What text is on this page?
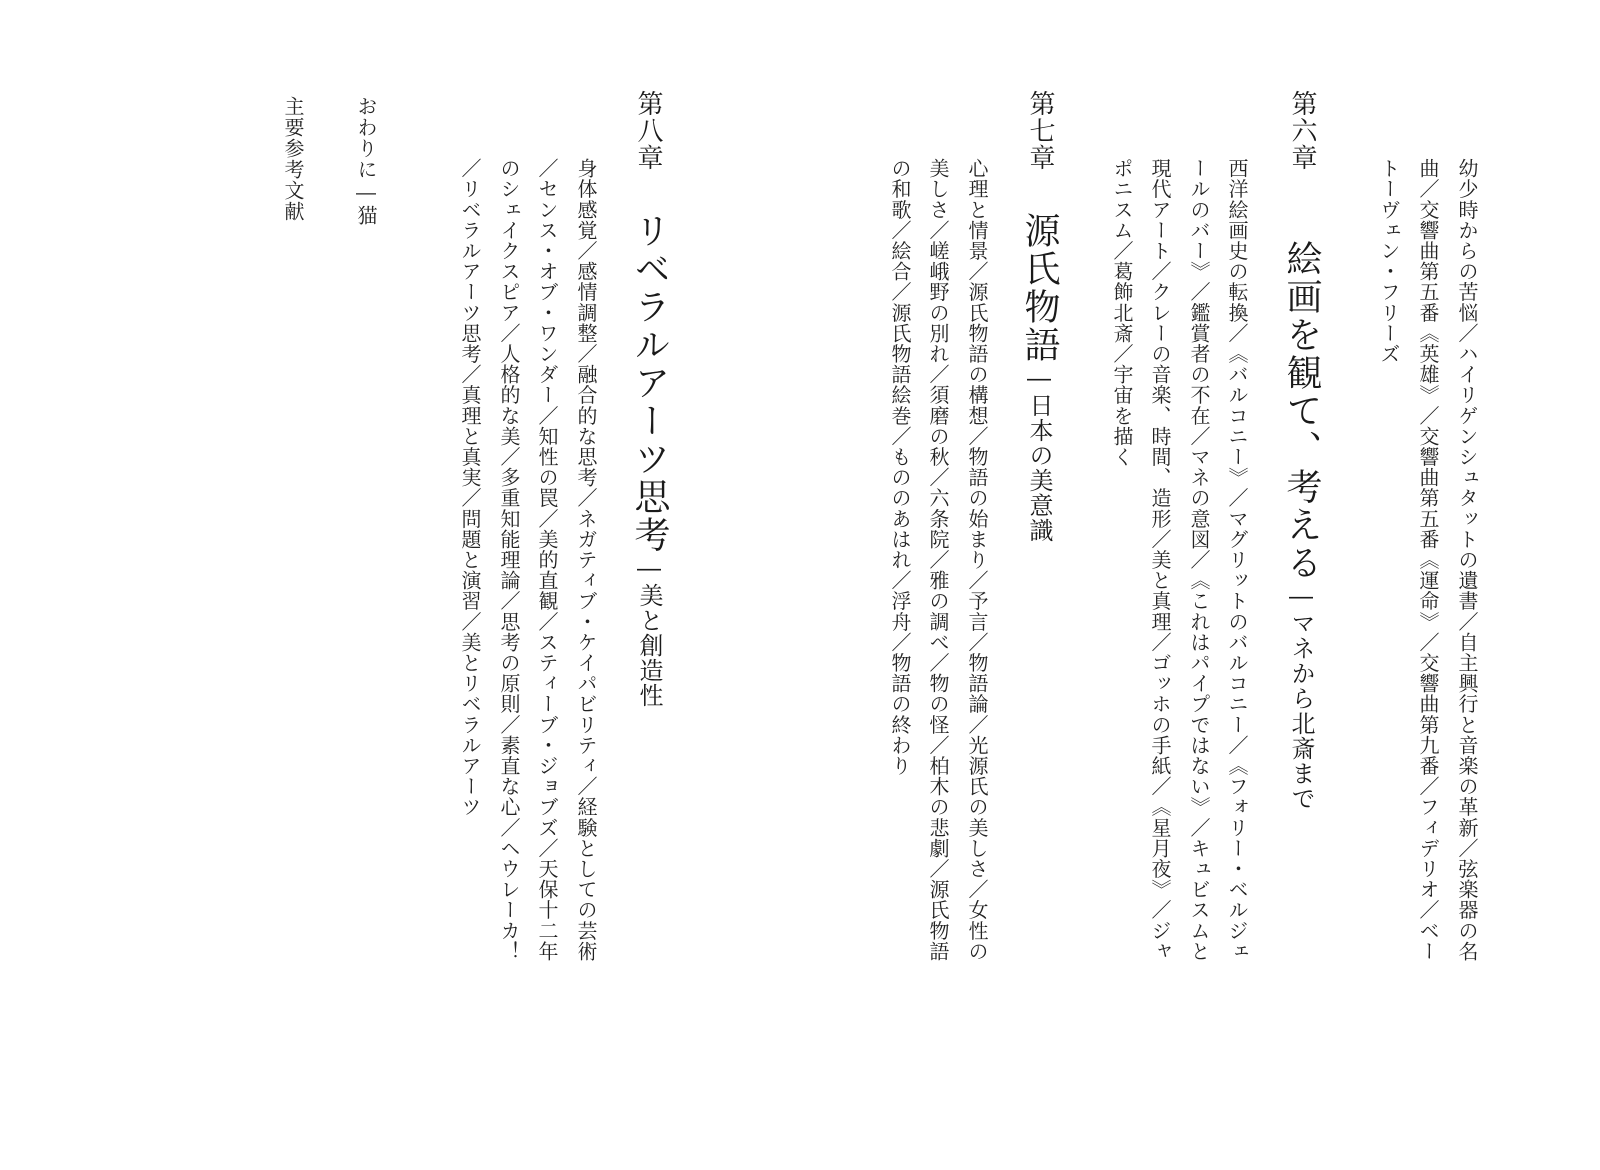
幼少時からの苦悩／ハイリゲンシュタットの遺書／自主興行と音楽の革新／弦楽器の名
曲／交響曲第五番《英雄》／交響曲第五番《運命》／交響曲第九番／フィデリオ／ベー
トーヴェン・フリーズ
第六章
絵画を観て、考える―マネから北斎まで
西洋絵画史の転換／《バルコニー》／マグリットのバルコニー／《フォリー・ベルジェ
ールのバー》／鑑賞者の不在／マネの意図／《これはパイプではない》／キュビスムと
現代アート／クレーの音楽、時間、造形／美と真理／ゴッホの手紙／《星月夜》／ジャ
ポニスム／葛飾北斎／宇宙を描く
第七章
源氏物語―日本の美意識
心理と情景／源氏物語の構想／物語の始まり／予言／物語論／光源氏の美しさ／女性の
美しさ／嵯峨野の別れ／須磨の秋／六条院／雅の調べ／物の怪／柏木の悲劇／源氏物語
の和歌／絵合／源氏物語絵巻／もののあはれ／浮舟／物語の終わり
第八章
リベラルアーツ思考―美と創造性
身体感覚／感情調整／融合的な思考／ネガティブ・ケイパビリティ／経験としての芸術
／センス・オブ・ワンダー／知性の罠／美的直観／スティーブ・ジョブズ／天保十二年
のシェイクスピア／人格的な美／多重知能理論／思考の原則／素直な心／ヘウレーカ！
／リベラルアーツ思考／真理と真実／問題と演習／美とリベラルアーツ
おわりに―猫
主要参考文献
